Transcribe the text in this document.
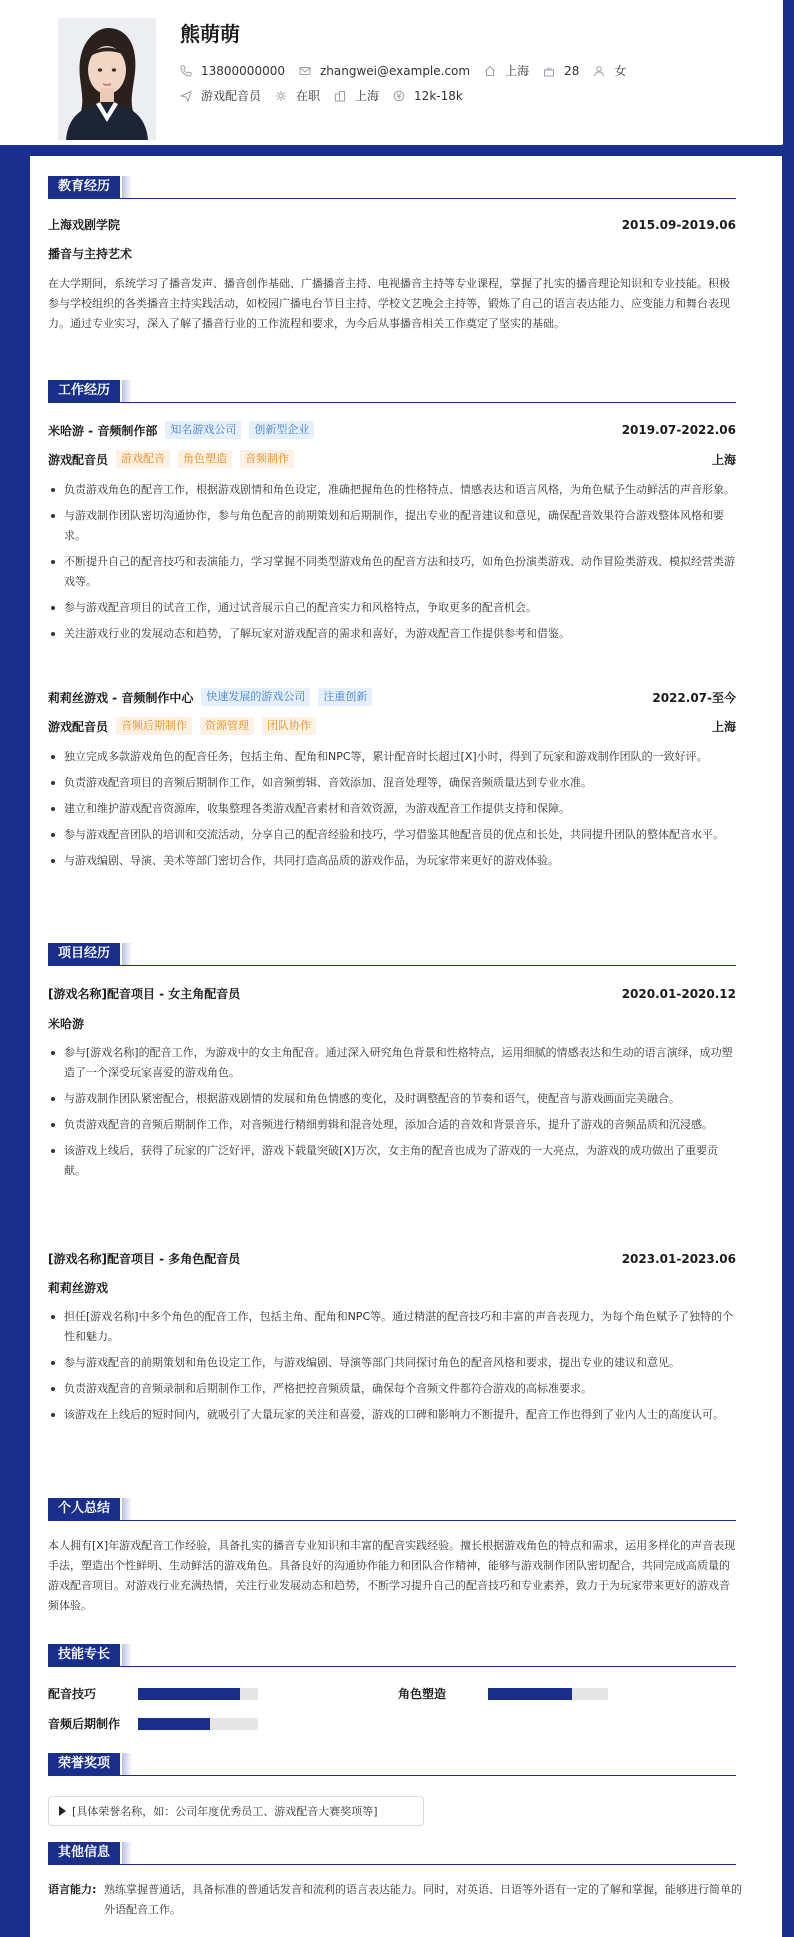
熊萌萌
13800000000	zhangwei@example.com	上海	28	女
游戏配音员	在职	上海	12k-18k
教育经历
上海戏剧学院	2015.09-2019.06
播音与主持艺术
在大学期间，系统学习了播音发声、播音创作基础、广播播音主持、电视播音主持等专业课程，掌握了扎实的播音理论知识和专业技能。积极参与学校组织的各类播音主持实践活动，如校园广播电台节目主持、学校文艺晚会主持等，锻炼了自己的语言表达能力、应变能力和舞台表现力。通过专业实习，深入了解了播音行业的工作流程和要求，为今后从事播音相关工作奠定了坚实的基础。
工作经历
米哈游 - 音频制作部	知名游戏公司	创新型企业	2019.07-2022.06
游戏配音员	游戏配音	角色塑造	音频制作	上海
负责游戏角色的配音工作，根据游戏剧情和角色设定，准确把握角色的性格特点、情感表达和语言风格，为角色赋予生动鲜活的声音形象。
与游戏制作团队密切沟通协作，参与角色配音的前期策划和后期制作，提出专业的配音建议和意见，确保配音效果符合游戏整体风格和要求。
不断提升自己的配音技巧和表演能力，学习掌握不同类型游戏角色的配音方法和技巧，如角色扮演类游戏、动作冒险类游戏、模拟经营类游戏等。
参与游戏配音项目的试音工作，通过试音展示自己的配音实力和风格特点，争取更多的配音机会。
关注游戏行业的发展动态和趋势，了解玩家对游戏配音的需求和喜好，为游戏配音工作提供参考和借鉴。
莉莉丝游戏 - 音频制作中心	快速发展的游戏公司	注重创新	2022.07-至今
游戏配音员	音频后期制作	资源管理	团队协作	上海
独立完成多款游戏角色的配音任务，包括主角、配角和NPC等，累计配音时长超过[X]小时，得到了玩家和游戏制作团队的一致好评。
负责游戏配音项目的音频后期制作工作，如音频剪辑、音效添加、混音处理等，确保音频质量达到专业水准。
建立和维护游戏配音资源库，收集整理各类游戏配音素材和音效资源，为游戏配音工作提供支持和保障。
参与游戏配音团队的培训和交流活动，分享自己的配音经验和技巧，学习借鉴其他配音员的优点和长处，共同提升团队的整体配音水平。
与游戏编剧、导演、美术等部门密切合作，共同打造高品质的游戏作品，为玩家带来更好的游戏体验。
项目经历
[游戏名称]配音项目 - 女主角配音员	2020.01-2020.12
米哈游
参与[游戏名称]的配音工作，为游戏中的女主角配音。通过深入研究角色背景和性格特点，运用细腻的情感表达和生动的语言演绎，成功塑造了一个深受玩家喜爱的游戏角色。
与游戏制作团队紧密配合，根据游戏剧情的发展和角色情感的变化，及时调整配音的节奏和语气，使配音与游戏画面完美融合。
负责游戏配音的音频后期制作工作，对音频进行精细剪辑和混音处理，添加合适的音效和背景音乐，提升了游戏的音频品质和沉浸感。
该游戏上线后，获得了玩家的广泛好评，游戏下载量突破[X]万次，女主角的配音也成为了游戏的一大亮点，为游戏的成功做出了重要贡献。
[游戏名称]配音项目 - 多角色配音员	2023.01-2023.06
莉莉丝游戏
担任[游戏名称]中多个角色的配音工作，包括主角、配角和NPC等。通过精湛的配音技巧和丰富的声音表现力，为每个角色赋予了独特的个性和魅力。
参与游戏配音的前期策划和角色设定工作，与游戏编剧、导演等部门共同探讨角色的配音风格和要求，提出专业的建议和意见。
负责游戏配音的音频录制和后期制作工作，严格把控音频质量，确保每个音频文件都符合游戏的高标准要求。
该游戏在上线后的短时间内，就吸引了大量玩家的关注和喜爱，游戏的口碑和影响力不断提升，配音工作也得到了业内人士的高度认可。
个人总结
本人拥有[X]年游戏配音工作经验，具备扎实的播音专业知识和丰富的配音实践经验。擅长根据游戏角色的特点和需求，运用多样化的声音表现手法，塑造出个性鲜明、生动鲜活的游戏角色。具备良好的沟通协作能力和团队合作精神，能够与游戏制作团队密切配合，共同完成高质量的游戏配音项目。对游戏行业充满热情，关注行业发展动态和趋势，不断学习提升自己的配音技巧和专业素养，致力于为玩家带来更好的游戏音频体验。
技能专长
配音技巧	角色塑造
音频后期制作
荣誉奖项
[具体荣誉名称，如：公司年度优秀员工、游戏配音大赛奖项等]
其他信息
语言能力: 熟练掌握普通话，具备标准的普通话发音和流利的语言表达能力。同时，对英语、日语等外语有一定的了解和掌握，能够进行简单的外语配音工作。
